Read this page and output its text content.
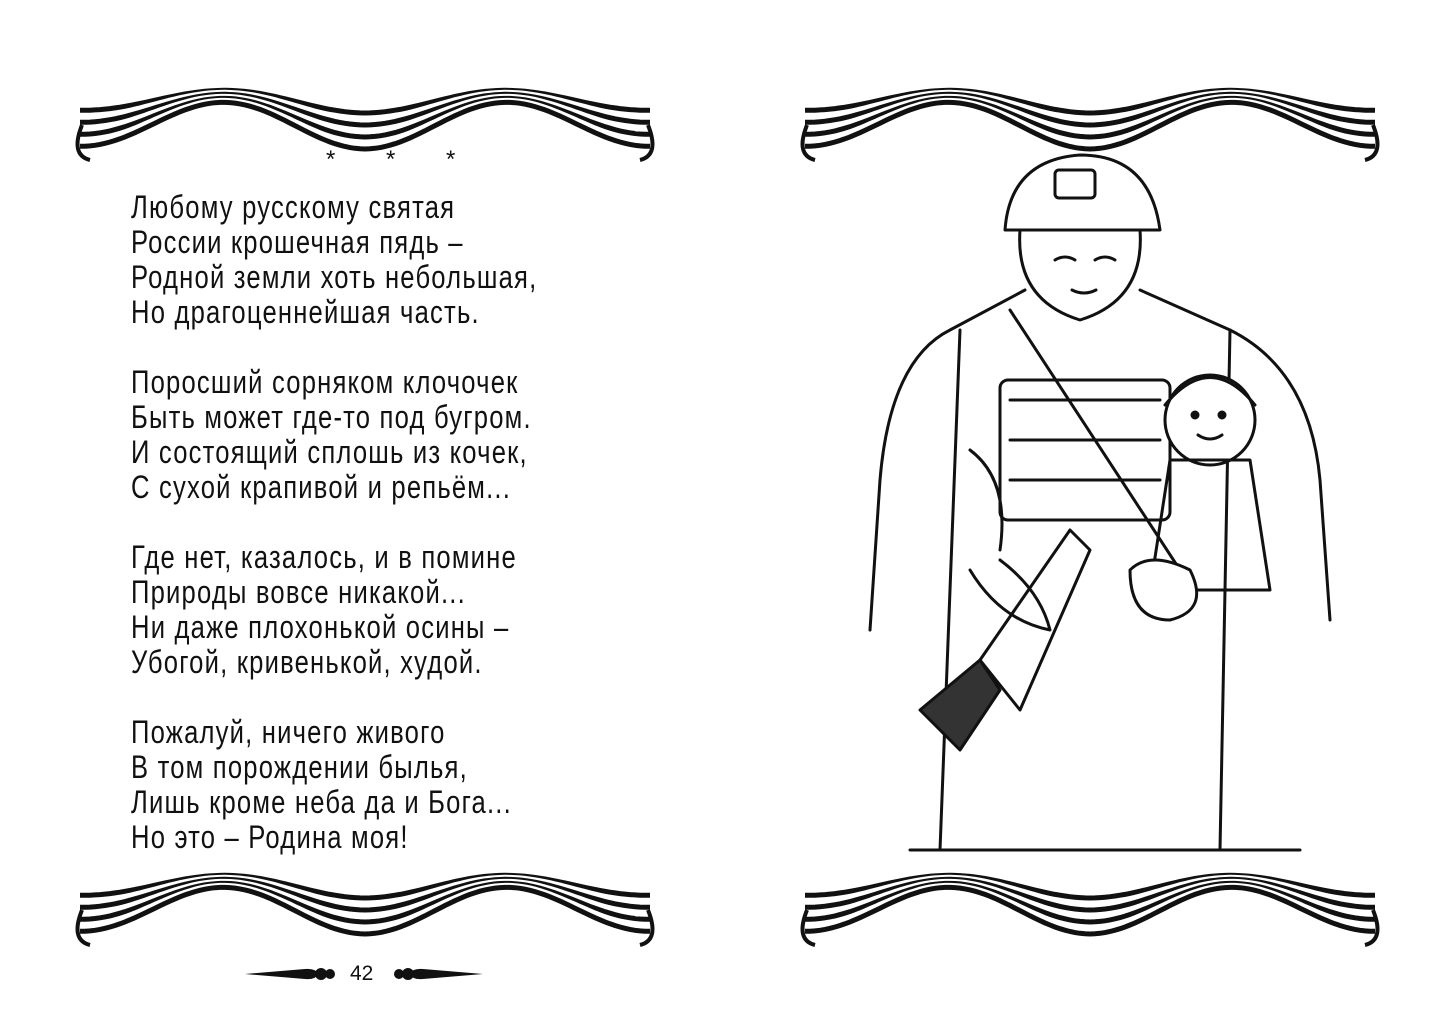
* * *
Любому русскому святая
России крошечная пядь –
Родной земли хоть небольшая,
Но драгоценнейшая часть.
Поросший сорняком клочочек
Быть может где-то под бугром.
И состоящий сплошь из кочек,
С сухой крапивой и репьём...
Где нет, казалось, и в помине
Природы вовсе никакой...
Ни даже плохонькой осины –
Убогой, кривенькой, худой.
Пожалуй, ничего живого
В том порождении былья,
Лишь кроме неба да и Бога...
Но это – Родина моя!
42
